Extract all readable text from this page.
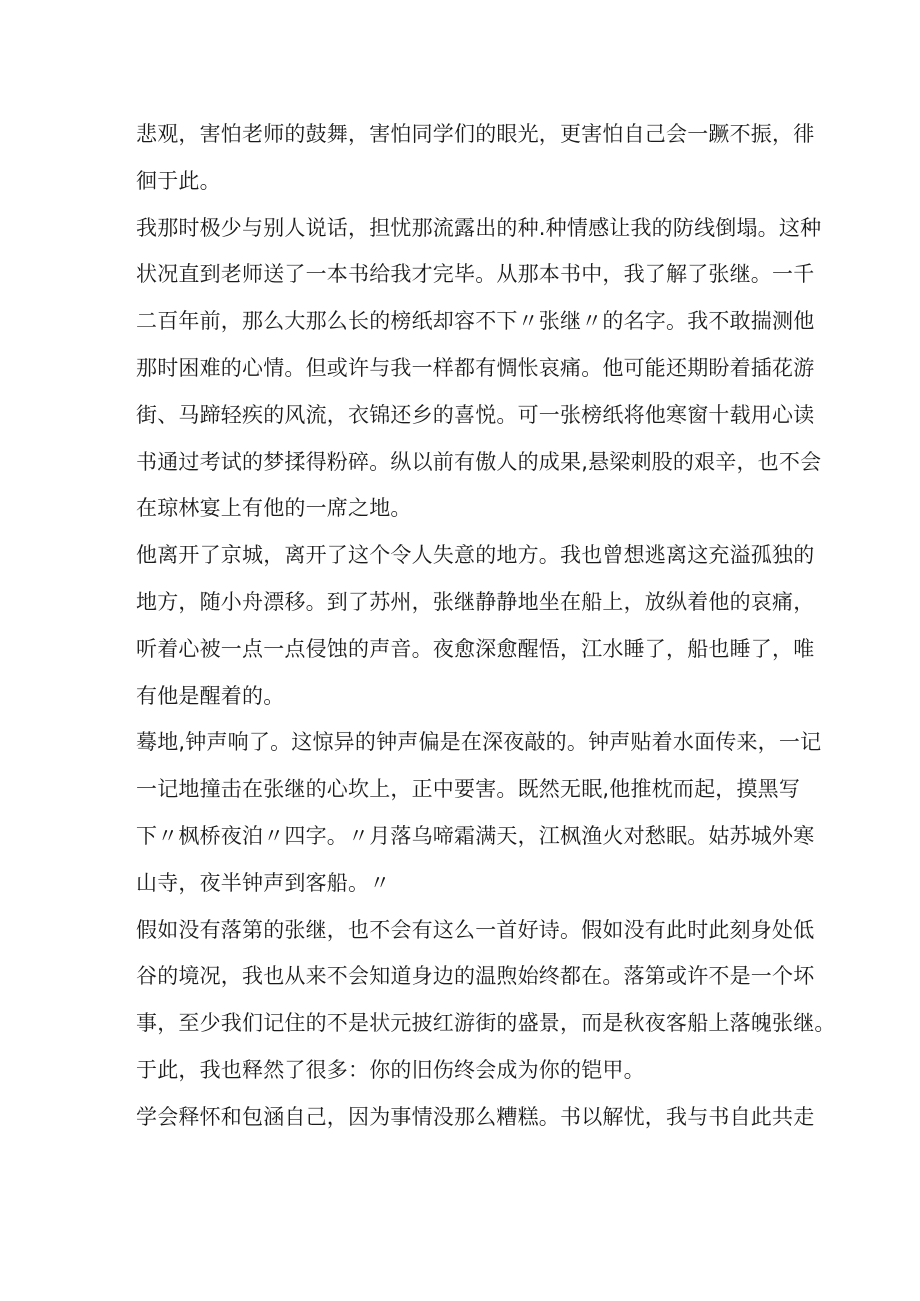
悲观，害怕老师的鼓舞，害怕同学们的眼光，更害怕自己会一蹶不振，徘
徊于此。
我那时极少与别人说话，担忧那流露出的种.种情感让我的防线倒塌。这种
状况直到老师送了一本书给我才完毕。从那本书中，我了解了张继。一千
二百年前，那么大那么长的榜纸却容不下〃张继〃的名字。我不敢揣测他
那时困难的心情。但或许与我一样都有惆怅哀痛。他可能还期盼着插花游
街、马蹄轻疾的风流，衣锦还乡的喜悦。可一张榜纸将他寒窗十载用心读
书通过考试的梦揉得粉碎。纵以前有傲人的成果,悬梁刺股的艰辛，也不会
在琼林宴上有他的一席之地。
他离开了京城，离开了这个令人失意的地方。我也曾想逃离这充溢孤独的
地方，随小舟漂移。到了苏州，张继静静地坐在船上，放纵着他的哀痛，
听着心被一点一点侵蚀的声音。夜愈深愈醒悟，江水睡了，船也睡了，唯
有他是醒着的。
蓦地,钟声响了。这惊异的钟声偏是在深夜敲的。钟声贴着水面传来，一记
一记地撞击在张继的心坎上，正中要害。既然无眠,他推枕而起，摸黑写
下〃枫桥夜泊〃四字。〃月落乌啼霜满天，江枫渔火对愁眠。姑苏城外寒
山寺，夜半钟声到客船。〃
假如没有落第的张继，也不会有这么一首好诗。假如没有此时此刻身处低
谷的境况，我也从来不会知道身边的温煦始终都在。落第或许不是一个坏
事，至少我们记住的不是状元披红游街的盛景，而是秋夜客船上落魄张继。
于此，我也释然了很多：你的旧伤终会成为你的铠甲。
学会释怀和包涵自己，因为事情没那么糟糕。书以解忧，我与书自此共走
